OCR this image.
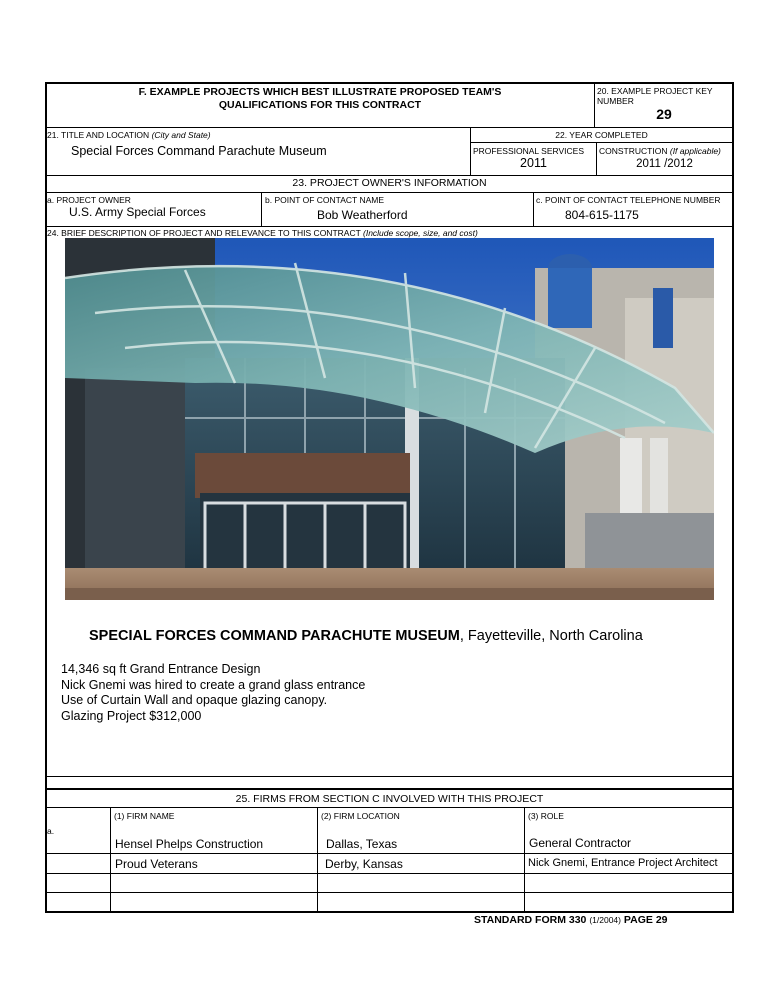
F. EXAMPLE PROJECTS WHICH BEST ILLUSTRATE PROPOSED TEAM'S
QUALIFICATIONS FOR THIS CONTRACT
20. EXAMPLE PROJECT KEY
NUMBER
29
21. TITLE AND LOCATION (City and State)
Special Forces Command Parachute Museum
22. YEAR COMPLETED
PROFESSIONAL SERVICES
2011
CONSTRUCTION (If applicable)
2011 /2012
23. PROJECT OWNER'S INFORMATION
a. PROJECT OWNER
U.S. Army Special Forces
b. POINT OF CONTACT NAME
Bob Weatherford
c. POINT OF CONTACT TELEPHONE NUMBER
804-615-1175
24. BRIEF DESCRIPTION OF PROJECT AND RELEVANCE TO THIS CONTRACT (Include scope, size, and cost)
SPECIAL FORCES COMMAND PARACHUTE MUSEUM, Fayetteville, North Carolina
14,346 sq ft Grand Entrance Design
Nick Gnemi was hired to create a grand glass entrance
Use of Curtain Wall and opaque glazing canopy.
Glazing Project $312,000
25. FIRMS FROM SECTION C INVOLVED WITH THIS PROJECT
(1) FIRM NAME	(2) FIRM LOCATION	(3) ROLE
a.
Hensel Phelps Construction	Dallas, Texas	General Contractor
Proud Veterans	Derby, Kansas	Nick Gnemi, Entrance Project Architect
STANDARD FORM 330 (1/2004) PAGE 29
